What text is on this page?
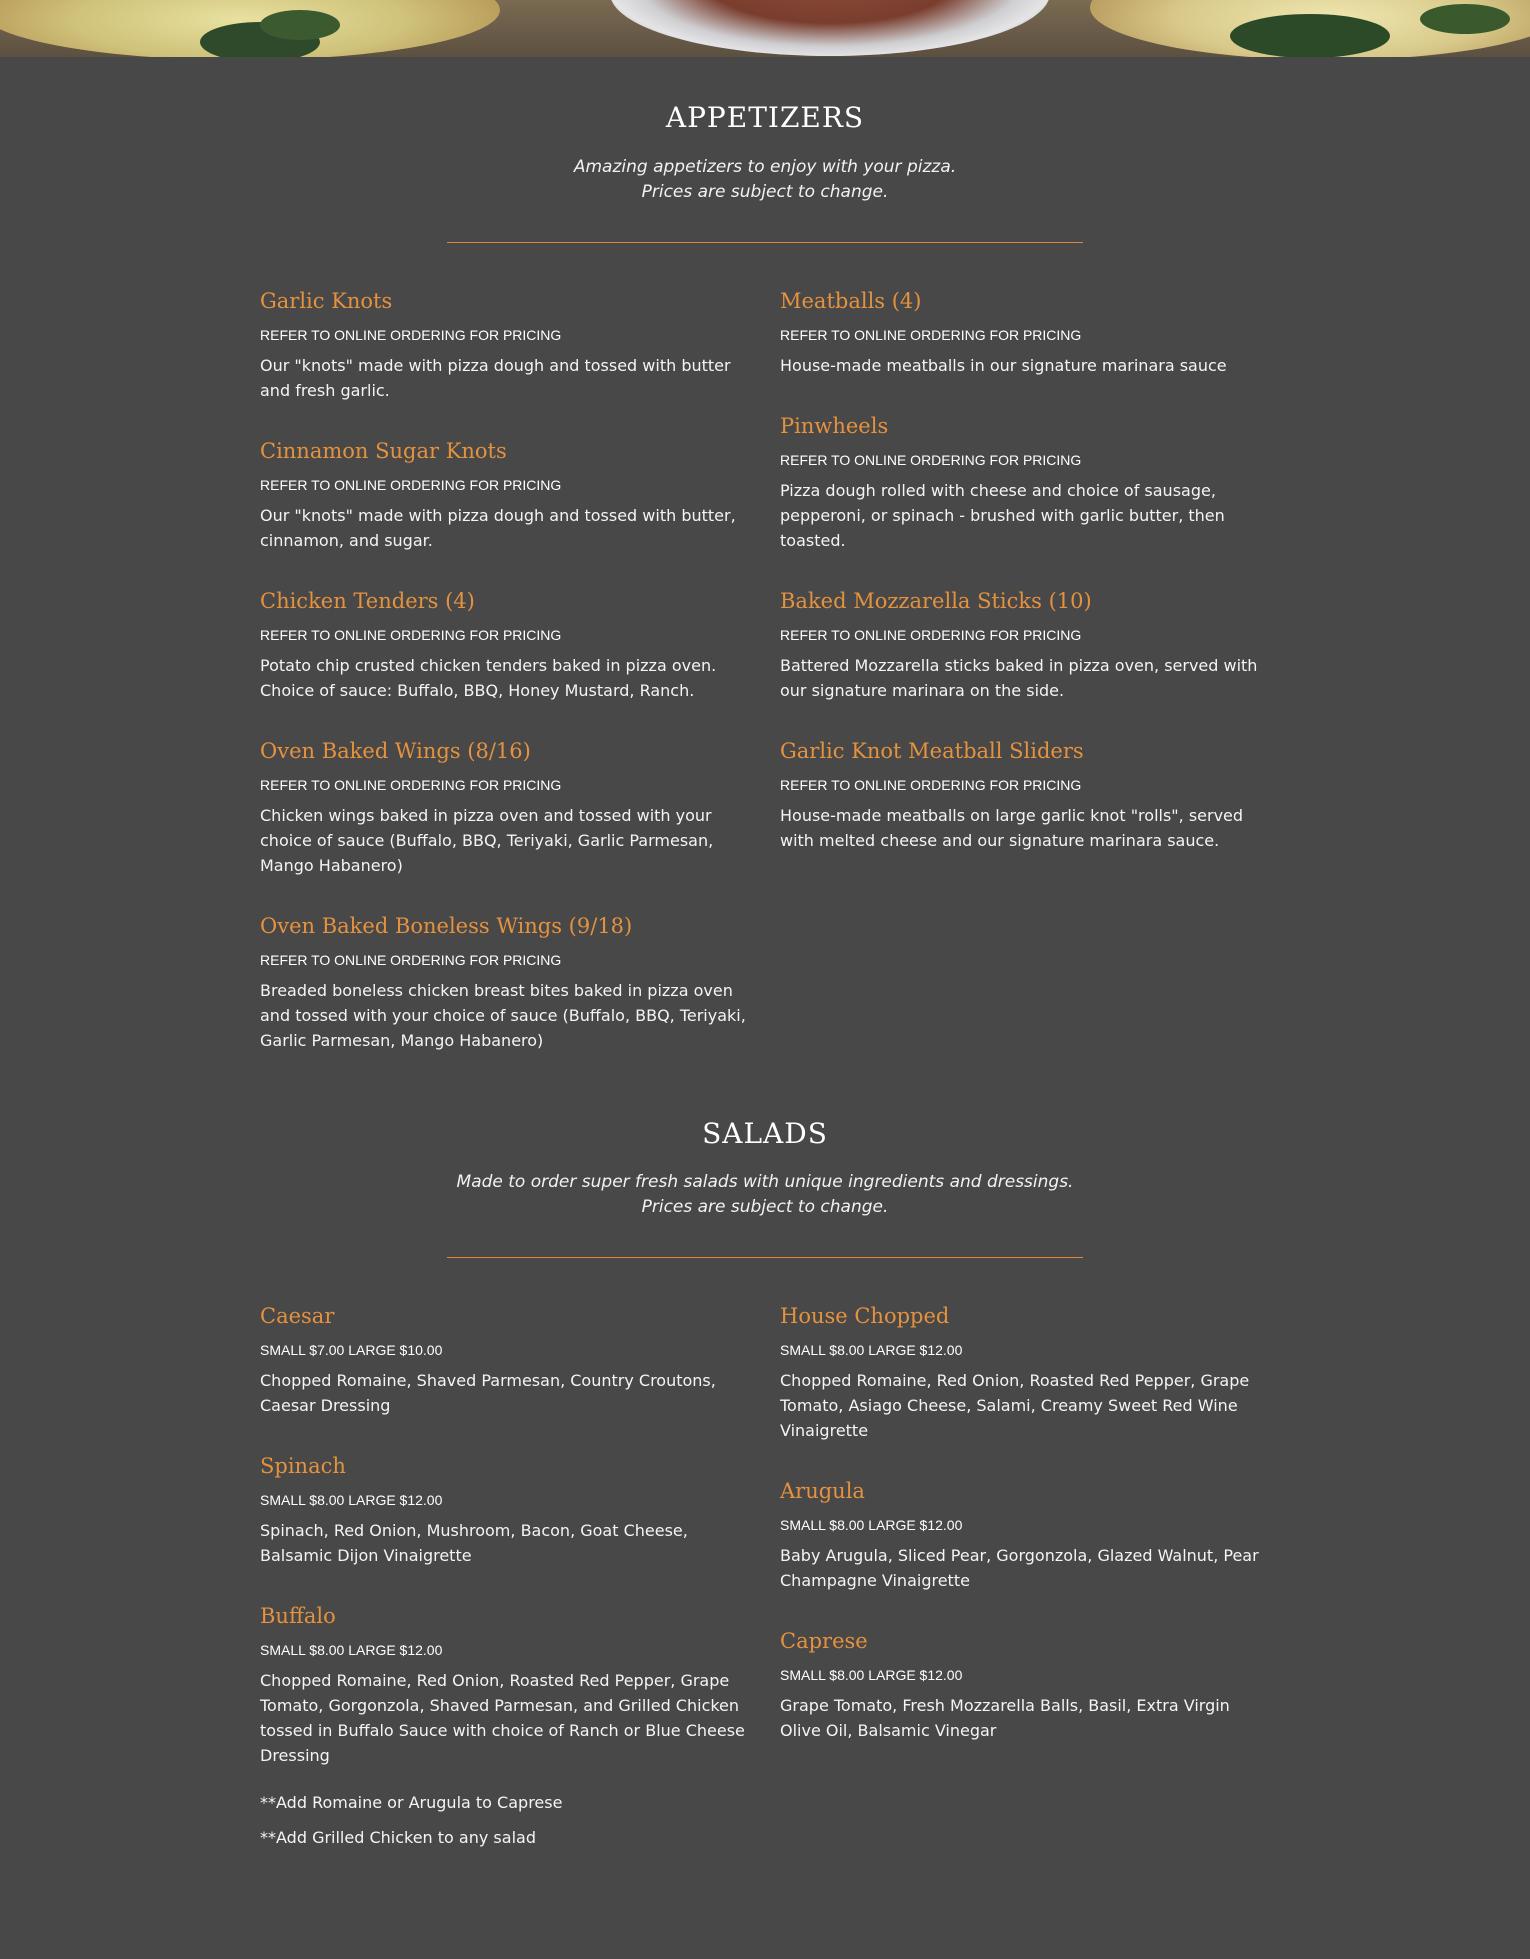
APPETIZERS
Amazing appetizers to enjoy with your pizza.
Prices are subject to change.
Garlic Knots
REFER TO ONLINE ORDERING FOR PRICING
Our "knots" made with pizza dough and tossed with butter and fresh garlic.
Cinnamon Sugar Knots
REFER TO ONLINE ORDERING FOR PRICING
Our "knots" made with pizza dough and tossed with butter, cinnamon, and sugar.
Chicken Tenders (4)
REFER TO ONLINE ORDERING FOR PRICING
Potato chip crusted chicken tenders baked in pizza oven. Choice of sauce: Buffalo, BBQ, Honey Mustard, Ranch.
Oven Baked Wings (8/16)
REFER TO ONLINE ORDERING FOR PRICING
Chicken wings baked in pizza oven and tossed with your choice of sauce (Buffalo, BBQ, Teriyaki, Garlic Parmesan, Mango Habanero)
Oven Baked Boneless Wings (9/18)
REFER TO ONLINE ORDERING FOR PRICING
Breaded boneless chicken breast bites baked in pizza oven and tossed with your choice of sauce (Buffalo, BBQ, Teriyaki, Garlic Parmesan, Mango Habanero)
Meatballs (4)
REFER TO ONLINE ORDERING FOR PRICING
House-made meatballs in our signature marinara sauce
Pinwheels
REFER TO ONLINE ORDERING FOR PRICING
Pizza dough rolled with cheese and choice of sausage, pepperoni, or spinach - brushed with garlic butter, then toasted.
Baked Mozzarella Sticks (10)
REFER TO ONLINE ORDERING FOR PRICING
Battered Mozzarella sticks baked in pizza oven, served with our signature marinara on the side.
Garlic Knot Meatball Sliders
REFER TO ONLINE ORDERING FOR PRICING
House-made meatballs on large garlic knot "rolls", served with melted cheese and our signature marinara sauce.
SALADS
Made to order super fresh salads with unique ingredients and dressings.
Prices are subject to change.
Caesar
SMALL $7.00 LARGE $10.00
Chopped Romaine, Shaved Parmesan, Country Croutons, Caesar Dressing
Spinach
SMALL $8.00 LARGE $12.00
Spinach, Red Onion, Mushroom, Bacon, Goat Cheese, Balsamic Dijon Vinaigrette
Buffalo
SMALL $8.00 LARGE $12.00
Chopped Romaine, Red Onion, Roasted Red Pepper, Grape Tomato, Gorgonzola, Shaved Parmesan, and Grilled Chicken tossed in Buffalo Sauce with choice of Ranch or Blue Cheese Dressing
**Add Romaine or Arugula to Caprese
**Add Grilled Chicken to any salad
House Chopped
SMALL $8.00 LARGE $12.00
Chopped Romaine, Red Onion, Roasted Red Pepper, Grape Tomato, Asiago Cheese, Salami, Creamy Sweet Red Wine Vinaigrette
Arugula
SMALL $8.00 LARGE $12.00
Baby Arugula, Sliced Pear, Gorgonzola, Glazed Walnut, Pear Champagne Vinaigrette
Caprese
SMALL $8.00 LARGE $12.00
Grape Tomato, Fresh Mozzarella Balls, Basil, Extra Virgin Olive Oil, Balsamic Vinegar
